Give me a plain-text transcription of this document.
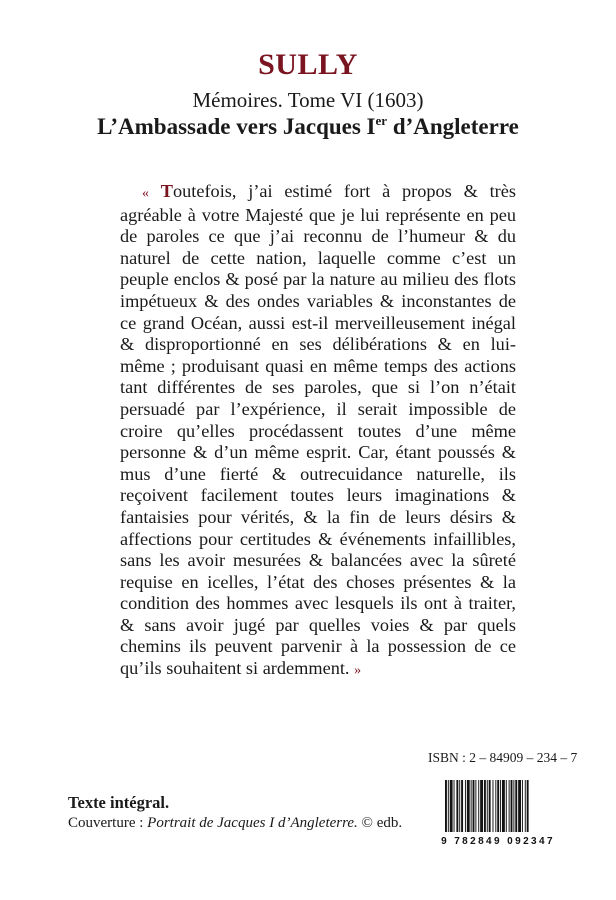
SULLY
Mémoires. Tome VI (1603)
L’Ambassade vers Jacques Ier d’Angleterre
« Toutefois, j’ai estimé fort à propos & très agréable à votre Majesté que je lui représente en peu de paroles ce que j’ai reconnu de l’humeur & du naturel de cette nation, laquelle comme c’est un peuple enclos & posé par la nature au milieu des flots impétueux & des ondes variables & inconstantes de ce grand Océan, aussi est-il merveilleusement inégal & disproportionné en ses délibérations & en lui-même ; produisant quasi en même temps des actions tant différentes de ses paroles, que si l’on n’était persuadé par l’expérience, il serait impossible de croire qu’elles procédassent toutes d’une même personne & d’un même esprit. Car, étant poussés & mus d’une fierté & outrecuidance naturelle, ils reçoivent facilement toutes leurs imaginations & fantaisies pour vérités, & la fin de leurs désirs & affections pour certitudes & événements infaillibles, sans les avoir mesurées & balancées avec la sûreté requise en icelles, l’état des choses présentes & la condition des hommes avec lesquels ils ont à traiter, & sans avoir jugé par quelles voies & par quels chemins ils peuvent parvenir à la possession de ce qu’ils souhaitent si ardemment. »
ISBN : 2 – 84909 – 234 – 7
9 782849 092347
Texte intégral.
Couverture : Portrait de Jacques I d’Angleterre. © edb.
